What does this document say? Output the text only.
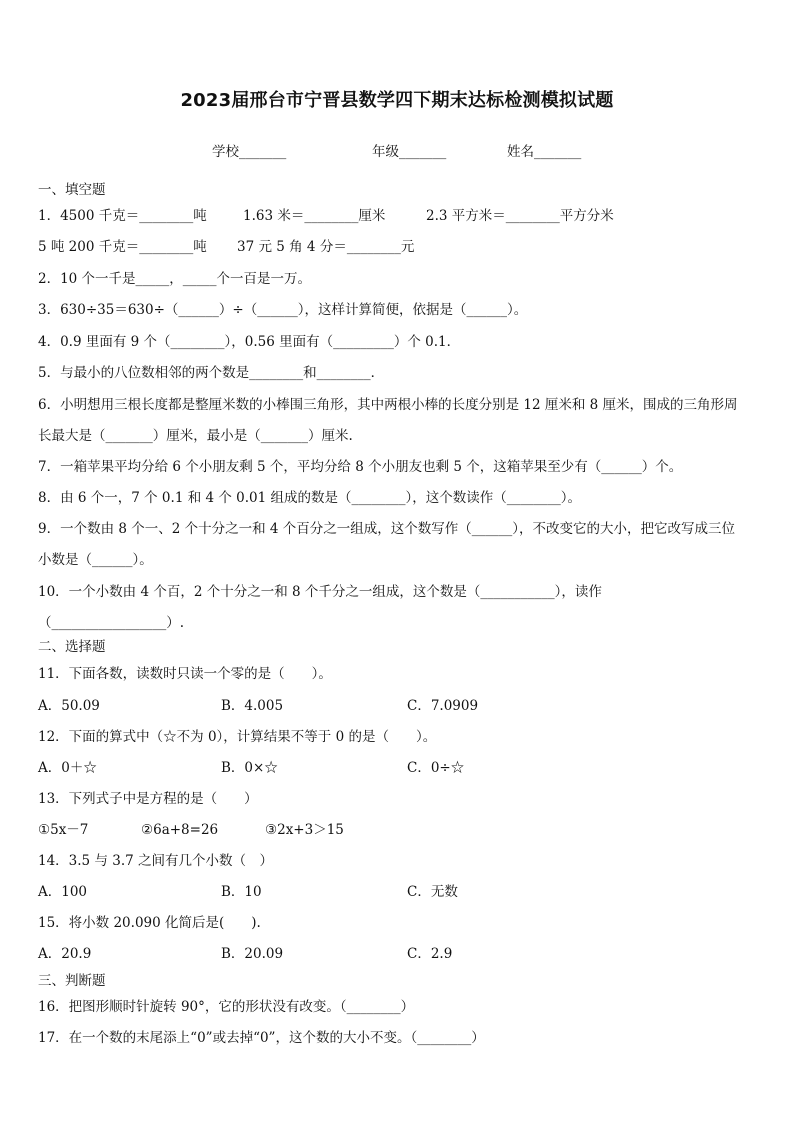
2023届邢台市宁晋县数学四下期末达标检测模拟试题
学校_______	年级_______	姓名_______
一、填空题
1．4500 千克＝________吨	1.63 米＝________厘米	2.3 平方米＝________平方分米
5 吨 200 千克＝________吨 37 元 5 角 4 分＝________元
2．10 个一千是_____，_____个一百是一万。
3．630÷35＝630÷（______）÷（______），这样计算简便，依据是（______）。
4．0.9 里面有 9 个（________），0.56 里面有（_________）个 0.1．
5．与最小的八位数相邻的两个数是________和________．
6．小明想用三根长度都是整厘米数的小棒围三角形，其中两根小棒的长度分别是 12 厘米和 8 厘米，围成的三角形周
长最大是（_______）厘米，最小是（_______）厘米.
7．一箱苹果平均分给 6 个小朋友剩 5 个，平均分给 8 个小朋友也剩 5 个，这箱苹果至少有（______）个。
8．由 6 个一，7 个 0.1 和 4 个 0.01 组成的数是（________），这个数读作（________）。
9．一个数由 8 个一、2 个十分之一和 4 个百分之一组成，这个数写作（______），不改变它的大小，把它改写成三位
小数是（______）。
10．一个小数由 4 个百，2 个十分之一和 8 个千分之一组成，这个数是（___________），读作
（_________________）.
二、选择题
11．下面各数，读数时只读一个零的是（　　）。
A．50.09	B．4.005	C．7.0909
12．下面的算式中（☆不为 0），计算结果不等于 0 的是（　　）。
A．0＋☆	B．0×☆	C．0÷☆
13．下列式子中是方程的是（　　）
①5x－7	②6a+8=26	③2x+3＞15
14．3.5 与 3.7 之间有几个小数（　）
A．100	B．10	C．无数
15．将小数 20.090 化简后是(　　).
A．20.9	B．20.09	C．2.9
三、判断题
16．把图形顺时针旋转 90°，它的形状没有改变。（________）
17．在一个数的末尾添上“0”或去掉“0”，这个数的大小不变。（________）
